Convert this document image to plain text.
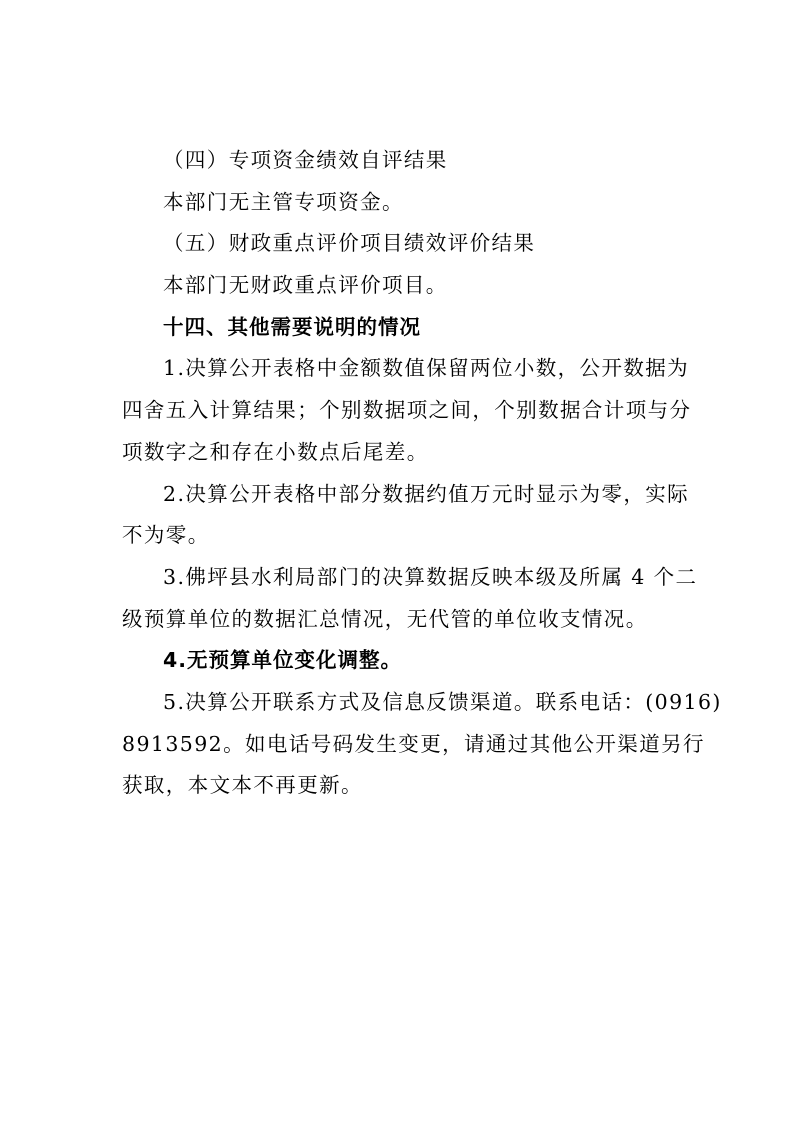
（四）专项资金绩效自评结果
本部门无主管专项资金。
（五）财政重点评价项目绩效评价结果
本部门无财政重点评价项目。
十四、其他需要说明的情况
1.决算公开表格中金额数值保留两位小数，公开数据为
四舍五入计算结果；个别数据项之间，个别数据合计项与分
项数字之和存在小数点后尾差。
2.决算公开表格中部分数据约值万元时显示为零，实际
不为零。
3.佛坪县水利局部门的决算数据反映本级及所属 4 个二
级预算单位的数据汇总情况，无代管的单位收支情况。
4.无预算单位变化调整。
5.决算公开联系方式及信息反馈渠道。联系电话：(0916)
8913592。如电话号码发生变更，请通过其他公开渠道另行
获取，本文本不再更新。
